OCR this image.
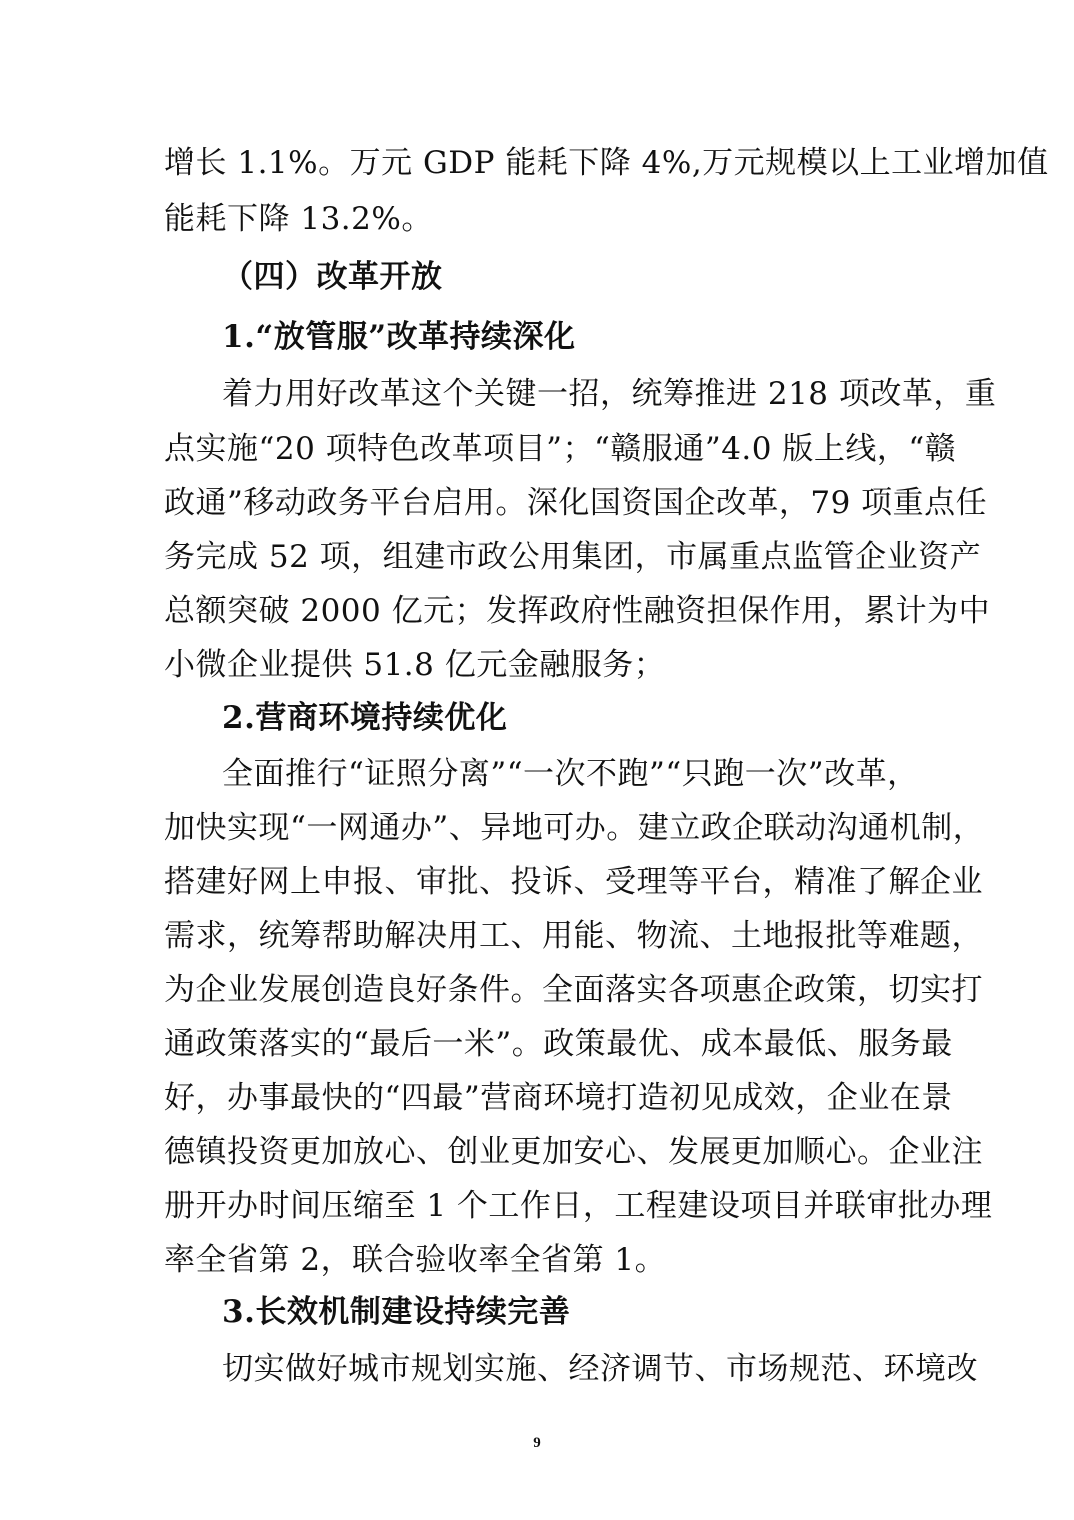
增长 1.1%。万元 GDP 能耗下降 4%,万元规模以上工业增加值
能耗下降 13.2%。
（四）改革开放
1.“放管服”改革持续深化
着力用好改革这个关键一招，统筹推进 218 项改革，重
点实施“20 项特色改革项目”；“赣服通”4.0 版上线，“赣
政通”移动政务平台启用。深化国资国企改革，79 项重点任
务完成 52 项，组建市政公用集团，市属重点监管企业资产
总额突破 2000 亿元；发挥政府性融资担保作用，累计为中
小微企业提供 51.8 亿元金融服务；
2.营商环境持续优化
全面推行“证照分离”“一次不跑”“只跑一次”改革，
加快实现“一网通办”、异地可办。建立政企联动沟通机制，
搭建好网上申报、审批、投诉、受理等平台，精准了解企业
需求，统筹帮助解决用工、用能、物流、土地报批等难题，
为企业发展创造良好条件。全面落实各项惠企政策，切实打
通政策落实的“最后一米”。政策最优、成本最低、服务最
好，办事最快的“四最”营商环境打造初见成效，企业在景
德镇投资更加放心、创业更加安心、发展更加顺心。企业注
册开办时间压缩至 1 个工作日，工程建设项目并联审批办理
率全省第 2，联合验收率全省第 1。
3.长效机制建设持续完善
切实做好城市规划实施、经济调节、市场规范、环境改
9
